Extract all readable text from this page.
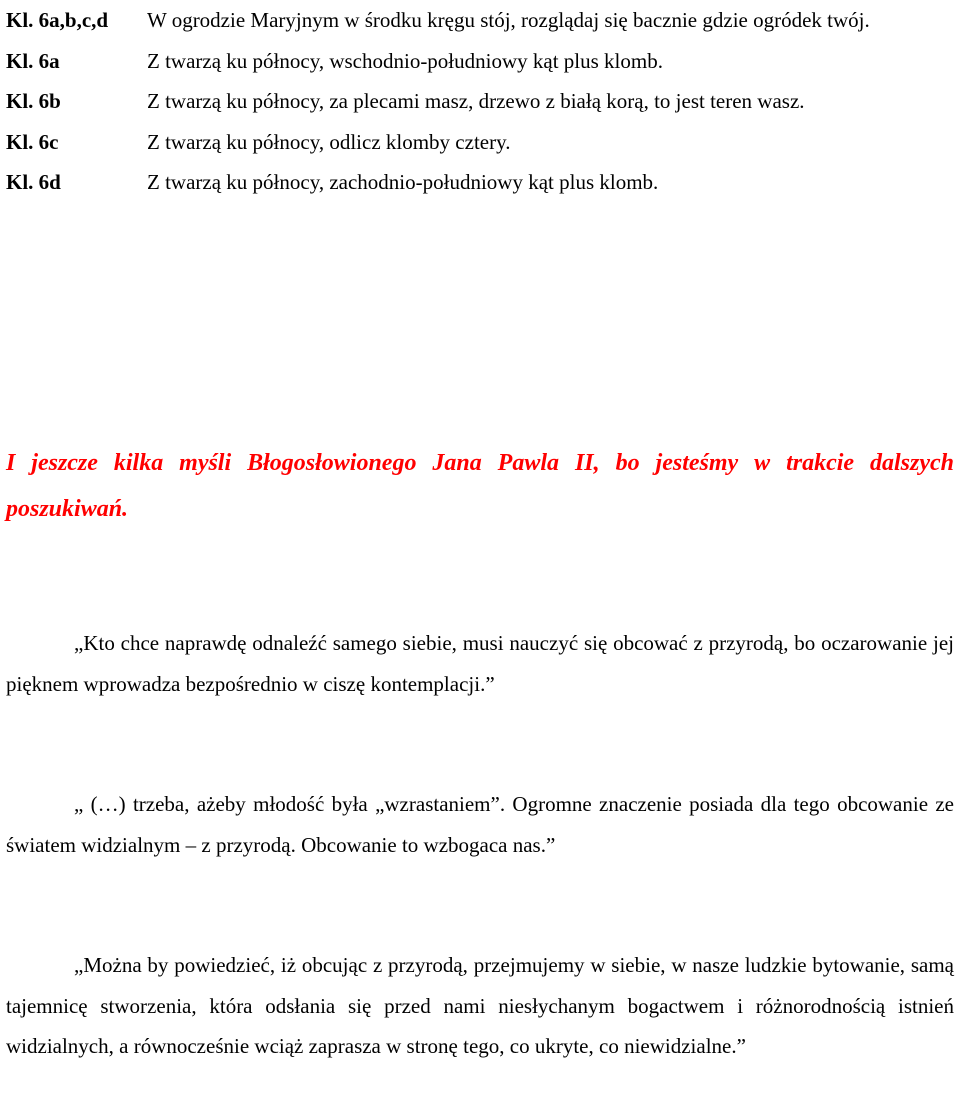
Kl. 6a,b,c,d	W ogrodzie Maryjnym w środku kręgu stój, rozglądaj się bacznie gdzie ogródek twój.
Kl. 6a	Z twarzą ku północy, wschodnio-południowy kąt plus klomb.
Kl. 6b	Z twarzą ku północy, za plecami masz, drzewo z białą korą, to jest teren wasz.
Kl. 6c	Z twarzą ku północy, odlicz klomby cztery.
Kl. 6d	Z twarzą ku północy, zachodnio-południowy kąt plus klomb.
I jeszcze kilka myśli Błogosłowionego Jana Pawla II, bo jesteśmy w trakcie dalszych poszukiwań.

„Kto chce naprawdę odnaleźć samego siebie, musi nauczyć się obcować z przyrodą, bo oczarowanie jej pięknem wprowadza bezpośrednio w ciszę kontemplacji.”

„ (…) trzeba, ażeby młodość była „wzrastaniem”. Ogromne znaczenie posiada dla tego obcowanie ze światem widzialnym – z przyrodą. Obcowanie to wzbogaca nas.”

„Można by powiedzieć, iż obcując z przyrodą, przejmujemy w siebie, w nasze ludzkie bytowanie, samą tajemnicę stworzenia, która odsłania się przed nami niesłychanym bogactwem i różnorodnością istnień widzialnych, a równocześnie wciąż zaprasza w stronę tego, co ukryte, co niewidzialne.”
